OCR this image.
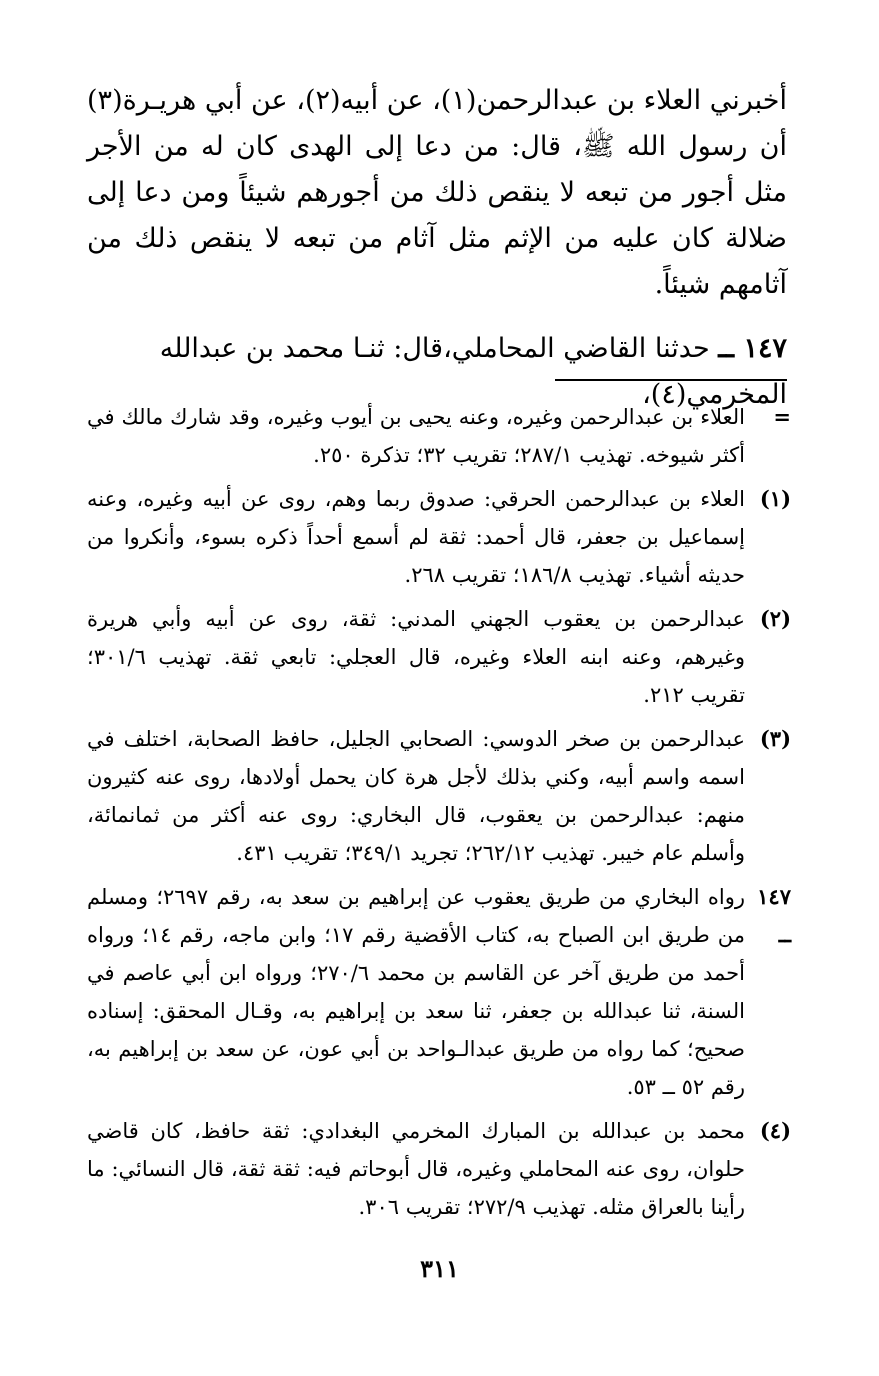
أخبرني العلاء بن عبدالرحمن(١)، عن أبيه(٢)، عن أبي هريـرة(٣) أن رسول الله ﷺ، قال: من دعا إلى الهدى كان له من الأجر مثل أجور من تبعه لا ينقص ذلك من أجورهم شيئاً ومن دعا إلى ضلالة كان عليه من الإثم مثل آثام من تبعه لا ينقص ذلك من آثامهم شيئاً.

١٤٧ ــ حدثنا القاضي المحاملي،قال: ثنـا محمد بن عبدالله المخرمي(٤)،

=
العلاء بن عبدالرحمن وغيره، وعنه يحيى بن أيوب وغيره، وقد شارك مالك في أكثر شيوخه. تهذيب ٢٨٧/١؛ تقريب ٣٢؛ تذكرة ٢٥٠.
(١)
العلاء بن عبدالرحمن الحرقي: صدوق ربما وهم، روى عن أبيه وغيره، وعنه إسماعيل بن جعفر، قال أحمد: ثقة لم أسمع أحداً ذكره بسوء، وأنكروا من حديثه أشياء. تهذيب ١٨٦/٨؛ تقريب ٢٦٨.
(٢)
عبدالرحمن بن يعقوب الجهني المدني: ثقة، روى عن أبيه وأبي هريرة وغيرهم، وعنه ابنه العلاء وغيره، قال العجلي: تابعي ثقة. تهذيب ٣٠١/٦؛ تقريب ٢١٢.
(٣)
عبدالرحمن بن صخر الدوسي: الصحابي الجليل، حافظ الصحابة، اختلف في اسمه واسم أبيه، وكني بذلك لأجل هرة كان يحمل أولادها، روى عنه كثيرون منهم: عبدالرحمن بن يعقوب، قال البخاري: روى عنه أكثر من ثمانمائة، وأسلم عام خيبر. تهذيب ٢٦٢/١٢؛ تجريد ٣٤٩/١؛ تقريب ٤٣١.
١٤٧ ــ
رواه البخاري من طريق يعقوب عن إبراهيم بن سعد به، رقم ٢٦٩٧؛ ومسلم من طريق ابن الصباح به، كتاب الأقضية رقم ١٧؛ وابن ماجه، رقم ١٤؛ ورواه أحمد من طريق آخر عن القاسم بن محمد ٢٧٠/٦؛ ورواه ابن أبي عاصم في السنة، ثنا عبدالله بن جعفر، ثنا سعد بن إبراهيم به، وقـال المحقق: إسناده صحيح؛ كما رواه من طريق عبدالـواحد بن أبي عون، عن سعد بن إبراهيم به، رقم ٥٢ ــ ٥٣.
(٤)
محمد بن عبدالله بن المبارك المخرمي البغدادي: ثقة حافظ، كان قاضي حلوان، روى عنه المحاملي وغيره، قال أبوحاتم فيه: ثقة ثقة، قال النسائي: ما رأينا بالعراق مثله. تهذيب ٢٧٢/٩؛ تقريب ٣٠٦.
٣١١
